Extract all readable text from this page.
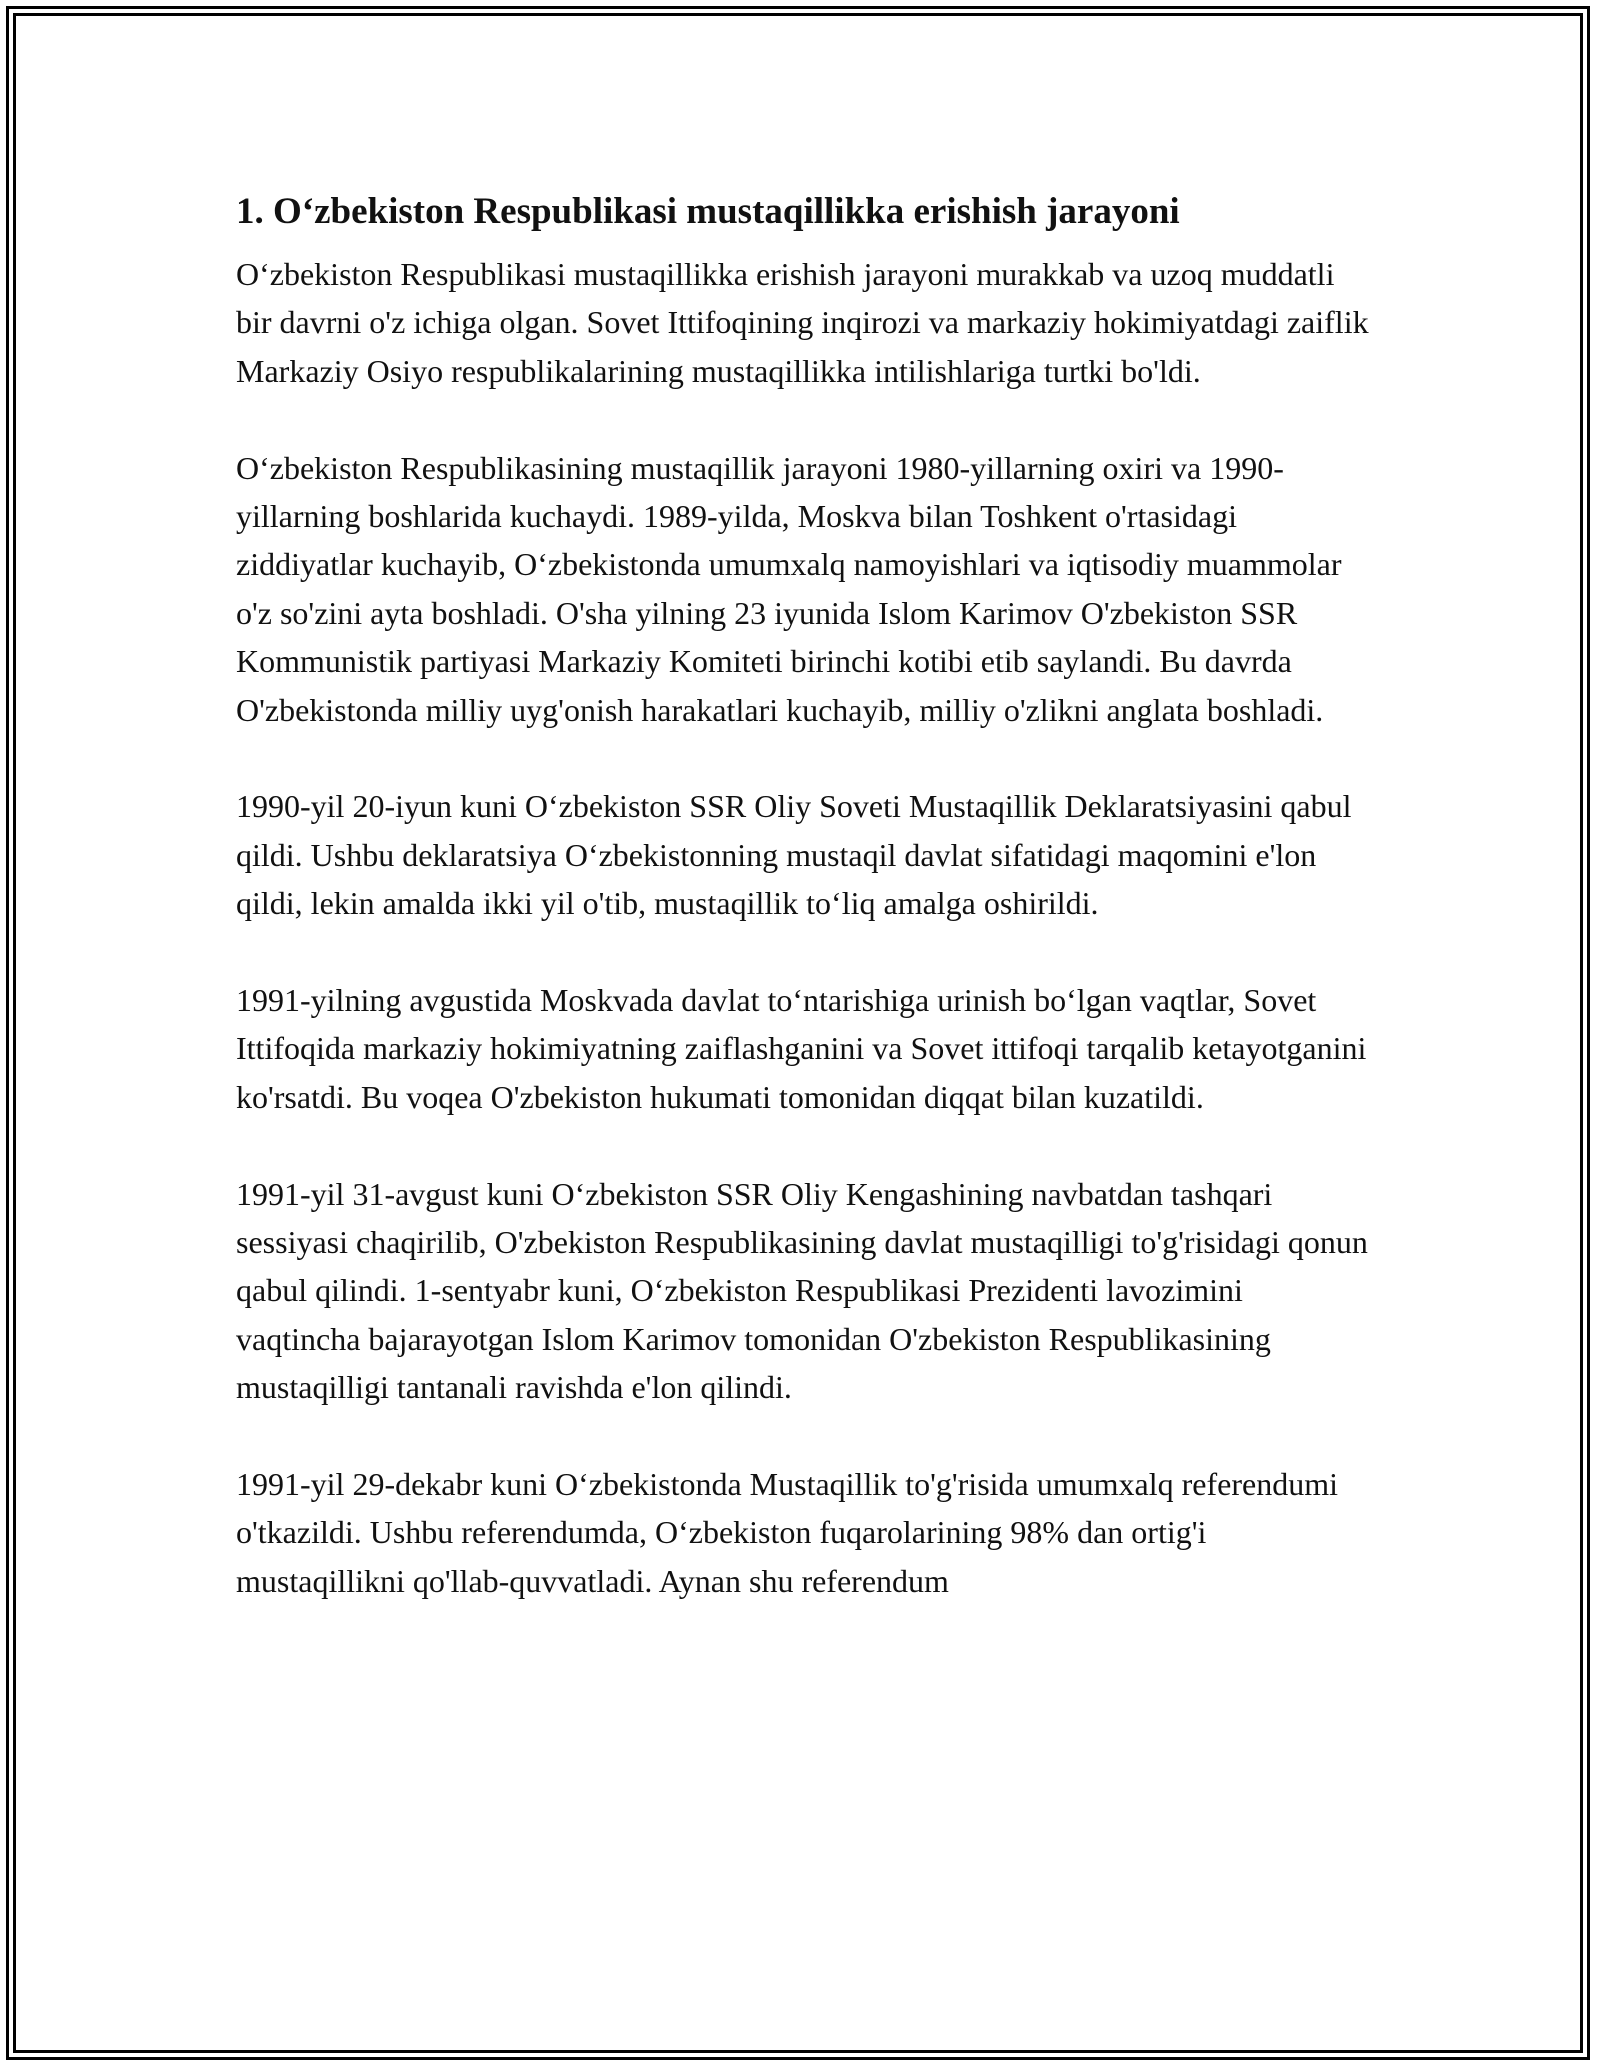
1. O‘zbekiston Respublikasi mustaqillikka erishish jarayoni

O‘zbekiston Respublikasi mustaqillikka erishish jarayoni murakkab va uzoq muddatli bir davrni o'z ichiga olgan. Sovet Ittifoqining inqirozi va markaziy hokimiyatdagi zaiflik Markaziy Osiyo respublikalarining mustaqillikka intilishlariga turtki bo'ldi.

O‘zbekiston Respublikasining mustaqillik jarayoni 1980-yillarning oxiri va 1990-yillarning boshlarida kuchaydi. 1989-yilda, Moskva bilan Toshkent o'rtasidagi ziddiyatlar kuchayib, O‘zbekistonda umumxalq namoyishlari va iqtisodiy muammolar o'z so'zini ayta boshladi. O'sha yilning 23 iyunida Islom Karimov O'zbekiston SSR Kommunistik partiyasi Markaziy Komiteti birinchi kotibi etib saylandi. Bu davrda O'zbekistonda milliy uyg'onish harakatlari kuchayib, milliy o'zlikni anglata boshladi.

1990-yil 20-iyun kuni O‘zbekiston SSR Oliy Soveti Mustaqillik Deklaratsiyasini qabul qildi. Ushbu deklaratsiya O‘zbekistonning mustaqil davlat sifatidagi maqomini e'lon qildi, lekin amalda ikki yil o'tib, mustaqillik to‘liq amalga oshirildi.

1991-yilning avgustida Moskvada davlat to‘ntarishiga urinish bo‘lgan vaqtlar, Sovet Ittifoqida markaziy hokimiyatning zaiflashganini va Sovet ittifoqi tarqalib ketayotganini ko'rsatdi. Bu voqea O'zbekiston hukumati tomonidan diqqat bilan kuzatildi.

1991-yil 31-avgust kuni O‘zbekiston SSR Oliy Kengashining navbatdan tashqari sessiyasi chaqirilib, O'zbekiston Respublikasining davlat mustaqilligi to'g'risidagi qonun qabul qilindi. 1-sentyabr kuni, O‘zbekiston Respublikasi Prezidenti lavozimini vaqtincha bajarayotgan Islom Karimov tomonidan O'zbekiston Respublikasining mustaqilligi tantanali ravishda e'lon qilindi.

1991-yil 29-dekabr kuni O‘zbekistonda Mustaqillik to'g'risida umumxalq referendumi o'tkazildi. Ushbu referendumda, O‘zbekiston fuqarolarining 98% dan ortig'i mustaqillikni qo'llab-quvvatladi. Aynan shu referendum
